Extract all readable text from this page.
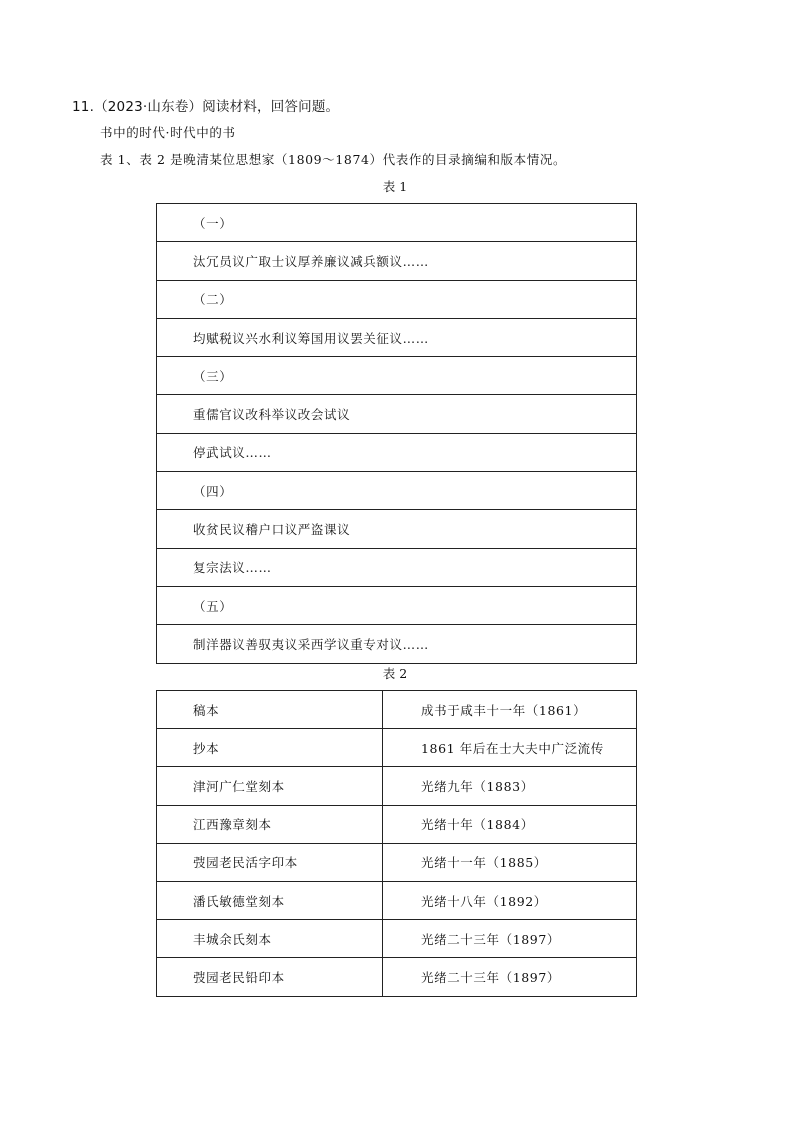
11.（2023·山东卷）阅读材料，回答问题。
书中的时代·时代中的书
表 1、表 2 是晚清某位思想家（1809～1874）代表作的目录摘编和版本情况。
表 1
（一）
汰冗员议广取士议厚养廉议减兵额议……
（二）
均赋税议兴水利议筹国用议罢关征议……
（三）
重儒官议改科举议改会试议
停武试议……
（四）
收贫民议稽户口议严盗课议
复宗法议……
（五）
制洋器议善驭夷议采西学议重专对议……
表 2
稿本	成书于咸丰十一年（1861）
抄本	1861 年后在士大夫中广泛流传
津河广仁堂刻本	光绪九年（1883）
江西豫章刻本	光绪十年（1884）
弢园老民活字印本	光绪十一年（1885）
潘氏敏德堂刻本	光绪十八年（1892）
丰城余氏刻本	光绪二十三年（1897）
弢园老民铅印本	光绪二十三年（1897）
